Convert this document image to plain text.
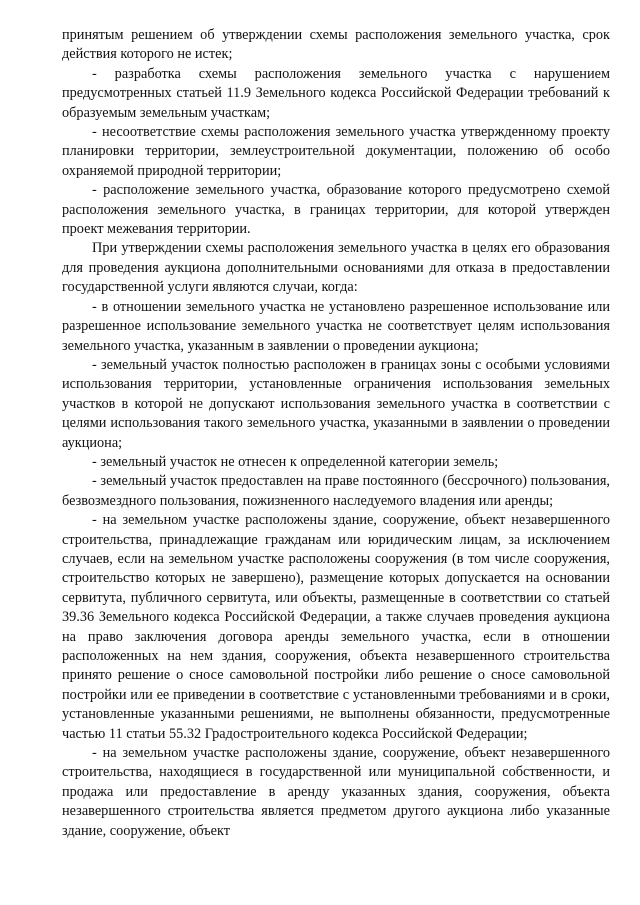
принятым решением об утверждении схемы расположения земельного участка, срок действия которого не истек;

- разработка схемы расположения земельного участка с нарушением предусмотренных статьей 11.9 Земельного кодекса Российской Федерации требований к образуемым земельным участкам;

- несоответствие схемы расположения земельного участка утвержденному проекту планировки территории, землеустроительной документации, положению об особо охраняемой природной территории;

- расположение земельного участка, образование которого предусмотрено схемой расположения земельного участка, в границах территории, для которой утвержден проект межевания территории.

При утверждении схемы расположения земельного участка в целях его образования для проведения аукциона дополнительными основаниями для отказа в предоставлении государственной услуги являются случаи, когда:

- в отношении земельного участка не установлено разрешенное использование или разрешенное использование земельного участка не соответствует целям использования земельного участка, указанным в заявлении о проведении аукциона;

- земельный участок полностью расположен в границах зоны с особыми условиями использования территории, установленные ограничения использования земельных участков в которой не допускают использования земельного участка в соответствии с целями использования такого земельного участка, указанными в заявлении о проведении аукциона;

- земельный участок не отнесен к определенной категории земель;

- земельный участок предоставлен на праве постоянного (бессрочного) пользования, безвозмездного пользования, пожизненного наследуемого владения или аренды;

- на земельном участке расположены здание, сооружение, объект незавершенного строительства, принадлежащие гражданам или юридическим лицам, за исключением случаев, если на земельном участке расположены сооружения (в том числе сооружения, строительство которых не завершено), размещение которых допускается на основании сервитута, публичного сервитута, или объекты, размещенные в соответствии со статьей 39.36 Земельного кодекса Российской Федерации, а также случаев проведения аукциона на право заключения договора аренды земельного участка, если в отношении расположенных на нем здания, сооружения, объекта незавершенного строительства принято решение о сносе самовольной постройки либо решение о сносе самовольной постройки или ее приведении в соответствие с установленными требованиями и в сроки, установленные указанными решениями, не выполнены обязанности, предусмотренные частью 11 статьи 55.32 Градостроительного кодекса Российской Федерации;

- на земельном участке расположены здание, сооружение, объект незавершенного строительства, находящиеся в государственной или муниципальной собственности, и продажа или предоставление в аренду указанных здания, сооружения, объекта незавершенного строительства является предметом другого аукциона либо указанные здание, сооружение, объект
